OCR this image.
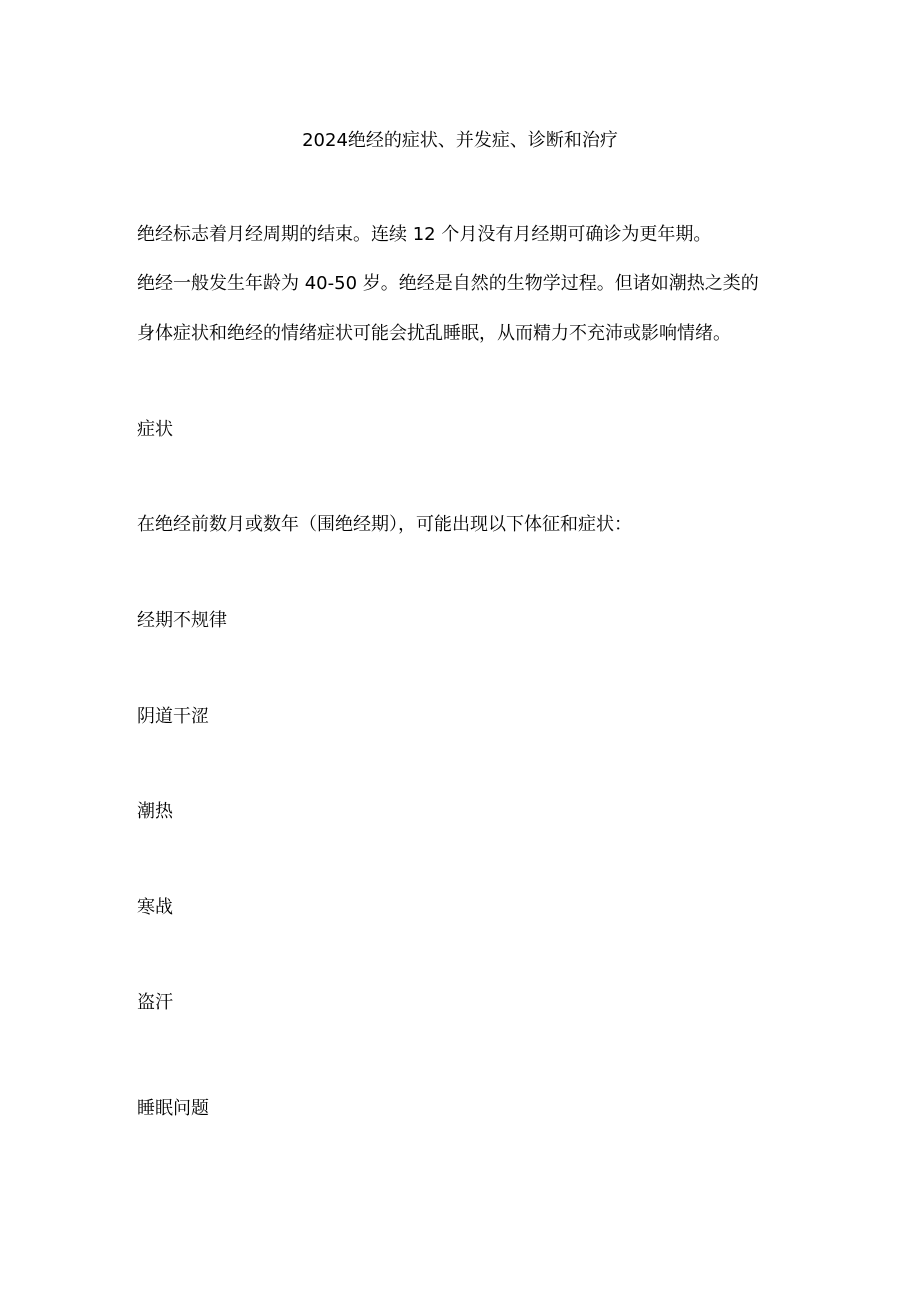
2024绝经的症状、并发症、诊断和治疗
绝经标志着月经周期的结束。连续 12 个月没有月经期可确诊为更年期。
绝经一般发生年龄为 40-50 岁。绝经是自然的生物学过程。但诸如潮热之类的
身体症状和绝经的情绪症状可能会扰乱睡眠，从而精力不充沛或影响情绪。
症状
在绝经前数月或数年（围绝经期），可能出现以下体征和症状：
经期不规律
阴道干涩
潮热
寒战
盗汗
睡眠问题
